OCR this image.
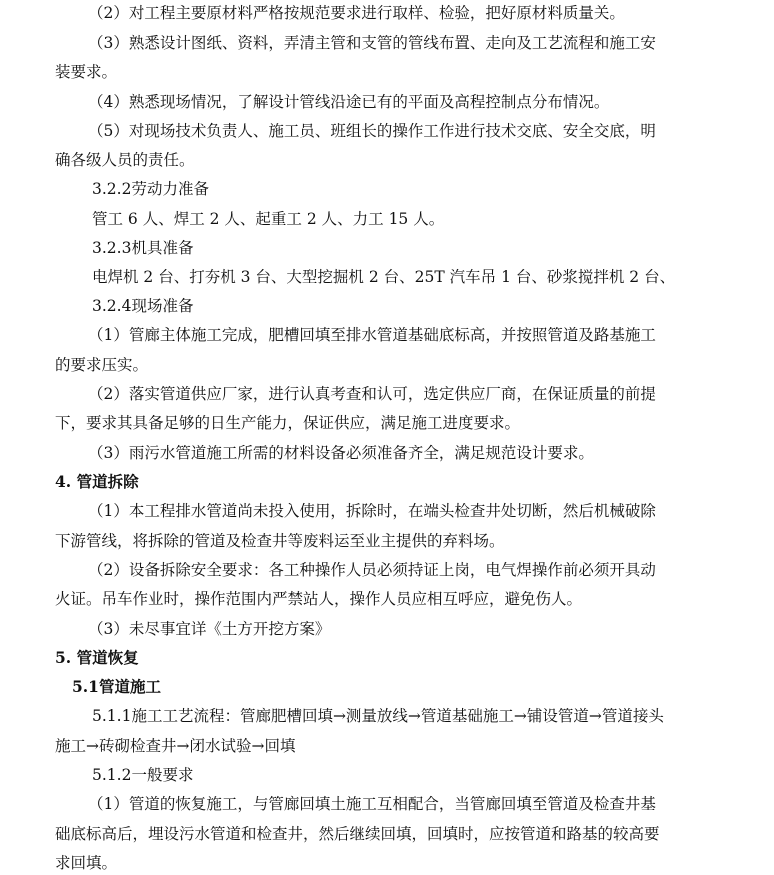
（2）对工程主要原材料严格按规范要求进行取样、检验，把好原材料质量关。
（3）熟悉设计图纸、资料，弄清主管和支管的管线布置、走向及工艺流程和施工安
装要求。
（4）熟悉现场情况，了解设计管线沿途已有的平面及高程控制点分布情况。
（5）对现场技术负责人、施工员、班组长的操作工作进行技术交底、安全交底，明
确各级人员的责任。
3.2.2劳动力准备
管工 6 人、焊工 2 人、起重工 2 人、力工 15 人。
3.2.3机具准备
电焊机 2 台、打夯机 3 台、大型挖掘机 2 台、25T 汽车吊 1 台、砂浆搅拌机 2 台、
3.2.4现场准备
（1）管廊主体施工完成，肥槽回填至排水管道基础底标高，并按照管道及路基施工
的要求压实。
（2）落实管道供应厂家，进行认真考查和认可，选定供应厂商，在保证质量的前提
下，要求其具备足够的日生产能力，保证供应，满足施工进度要求。
（3）雨污水管道施工所需的材料设备必须准备齐全，满足规范设计要求。
4. 管道拆除
（1）本工程排水管道尚未投入使用，拆除时，在端头检查井处切断，然后机械破除
下游管线，将拆除的管道及检查井等废料运至业主提供的弃料场。
（2）设备拆除安全要求：各工种操作人员必须持证上岗，电气焊操作前必须开具动
火证。吊车作业时，操作范围内严禁站人，操作人员应相互呼应，避免伤人。
（3）未尽事宜详《土方开挖方案》
5. 管道恢复
5.1管道施工
5.1.1施工工艺流程：管廊肥槽回填→测量放线→管道基础施工→铺设管道→管道接头
施工→砖砌检查井→闭水试验→回填
5.1.2一般要求
（1）管道的恢复施工，与管廊回填土施工互相配合，当管廊回填至管道及检查井基
础底标高后，埋设污水管道和检查井，然后继续回填，回填时，应按管道和路基的较高要
求回填。
